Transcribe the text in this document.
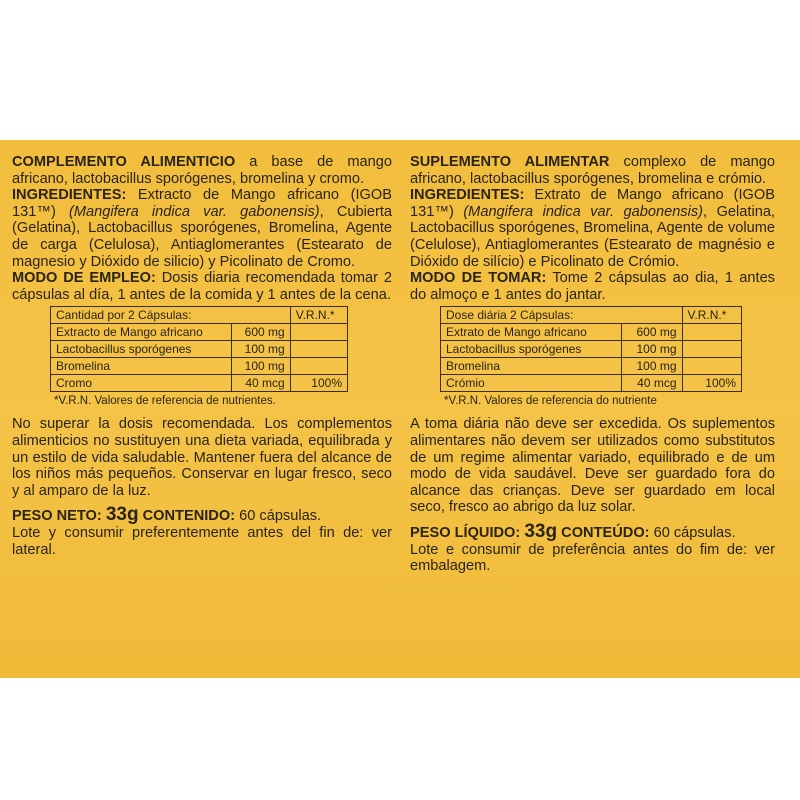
COMPLEMENTO ALIMENTICIO a base de mango africano, lactobacillus sporógenes, bromelina y cromo.

INGREDIENTES: Extracto de Mango africano (IGOB 131™) (Mangifera indica var. gabonensis), Cubierta (Gelatina), Lactobacillus sporógenes, Bromelina, Agente de carga (Celulosa), Antiaglomerantes (Estearato de magnesio y Dióxido de silicio) y Picolinato de Cromo.

MODO DE EMPLEO: Dosis diaria recomendada tomar 2 cápsulas al día, 1 antes de la comida y 1 antes de la cena.

Cantidad por 2 Cápsulas:		V.R.N.*
Extracto de Mango africano	600 mg	
Lactobacillus sporógenes	100 mg	
Bromelina	100 mg	
Cromo	40 mcg	100%
*V.R.N. Valores de referencia de nutrientes.

No superar la dosis recomendada. Los complementos alimenticios no sustituyen una dieta variada, equilibrada y un estilo de vida saludable. Mantener fuera del alcance de los niños más pequeños. Conservar en lugar fresco, seco y al amparo de la luz.

PESO NETO: 33g CONTENIDO: 60 cápsulas.

Lote y consumir preferentemente antes del fin de: ver lateral.

SUPLEMENTO ALIMENTAR complexo de mango africano, lactobacillus sporógenes, bromelina e crómio.

INGREDIENTES: Extrato de Mango africano (IGOB 131™) (Mangifera indica var. gabonensis), Gelatina, Lactobacillus sporógenes, Bromelina, Agente de volume (Celulose), Antiaglomerantes (Estearato de magnésio e Dióxido de silício) e Picolinato de Crómio.

MODO DE TOMAR: Tome 2 cápsulas ao dia, 1 antes do almoço e 1 antes do jantar.

Dose diária 2 Cápsulas:		V.R.N.*
Extrato de Mango africano	600 mg	
Lactobacillus sporógenes	100 mg	
Bromelina	100 mg	
Crómio	40 mcg	100%
*V.R.N. Valores de referencia do nutriente

A toma diária não deve ser excedida. Os suplementos alimentares não devem ser utilizados como substitutos de um regime alimentar variado, equilibrado e de um modo de vida saudável. Deve ser guardado fora do alcance das crianças. Deve ser guardado em local seco, fresco ao abrigo da luz solar.

PESO LÍQUIDO: 33g CONTEÚDO: 60 cápsulas.

Lote e consumir de preferência antes do fim de: ver embalagem.
